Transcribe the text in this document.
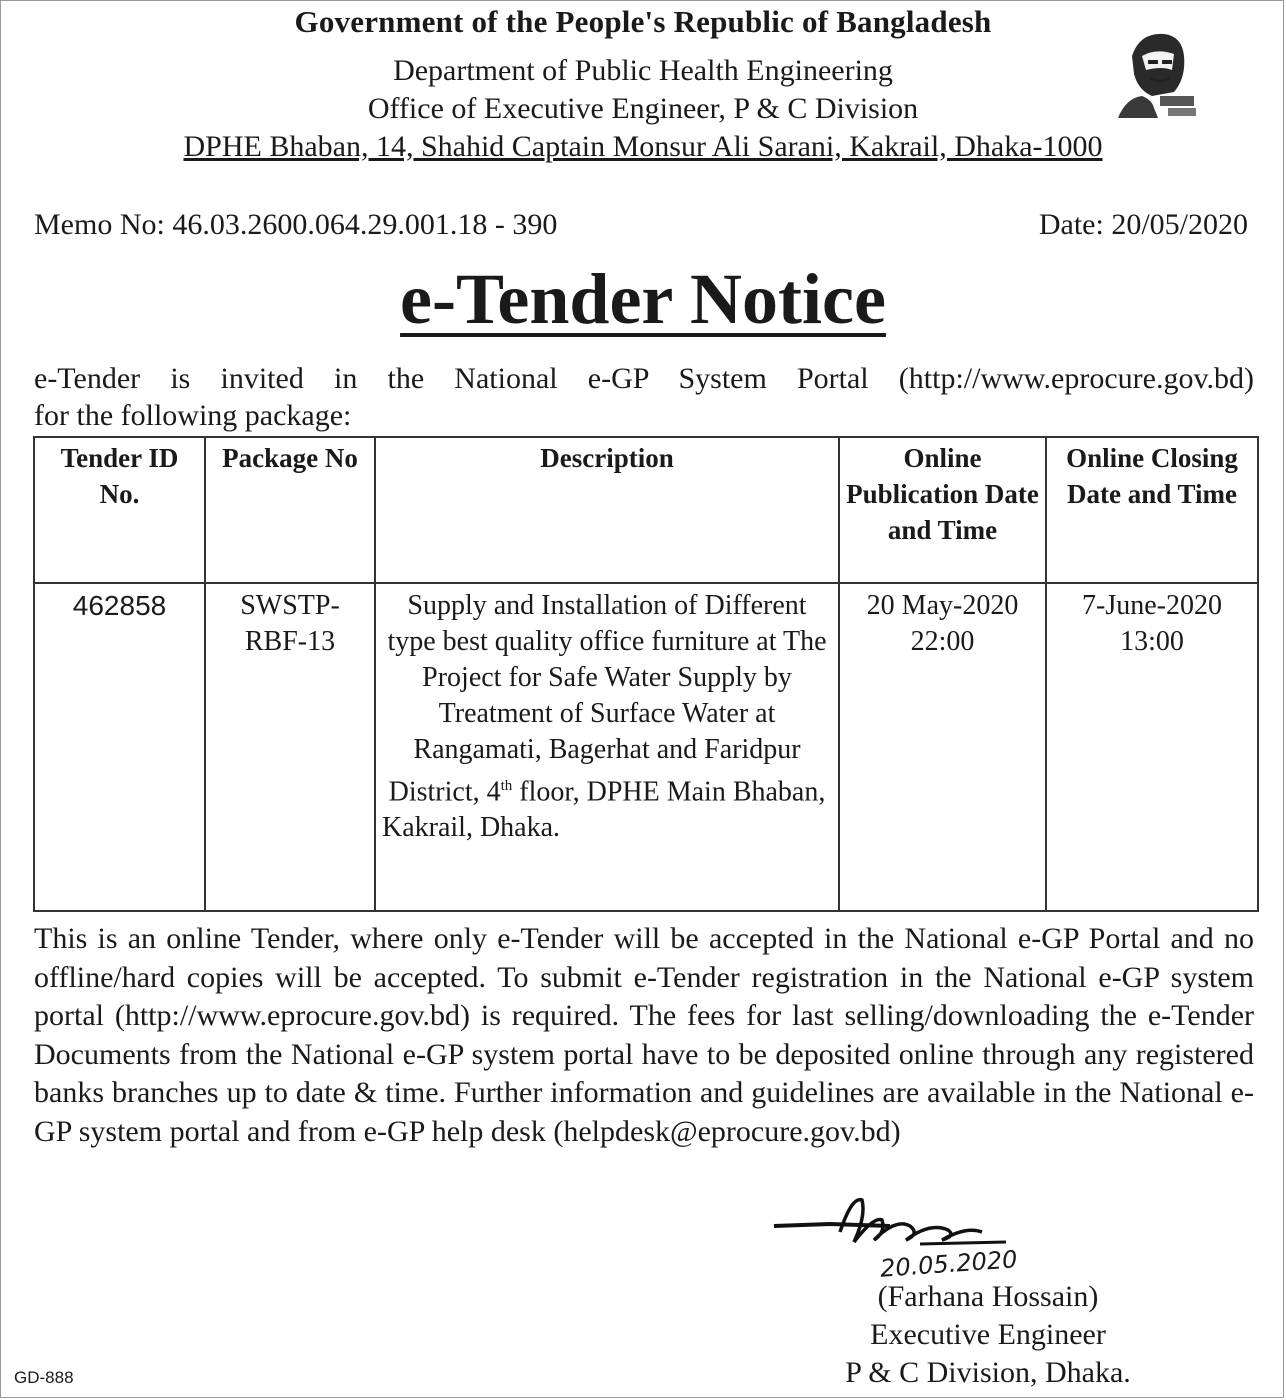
Government of the People's Republic of Bangladesh
Department of Public Health Engineering
Office of Executive Engineer, P & C Division
DPHE Bhaban, 14, Shahid Captain Monsur Ali Sarani, Kakrail, Dhaka-1000
Memo No: 46.03.2600.064.29.001.18 - 390	Date: 20/05/2020
e-Tender Notice
e-Tender is invited in the National e-GP System Portal (http://www.eprocure.gov.bd)
for the following package:
Tender ID No.	Package No	Description	Online Publication Date and Time	Online Closing Date and Time
462858	SWSTP-RBF-13	Supply and Installation of Different type best quality office furniture at The Project for Safe Water Supply by Treatment of Surface Water at Rangamati, Bagerhat and Faridpur District, 4th floor, DPHE Main Bhaban, Kakrail, Dhaka.	20 May-2020 22:00	7-June-2020 13:00
This is an online Tender, where only e-Tender will be accepted in the National e-GP Portal and no offline/hard copies will be accepted. To submit e-Tender registration in the National e-GP system portal (http://www.eprocure.gov.bd) is required. The fees for last selling/downloading the e-Tender Documents from the National e-GP system portal have to be deposited online through any registered banks branches up to date & time. Further information and guidelines are available in the National e-GP system portal and from e-GP help desk (helpdesk@eprocure.gov.bd)
20.05.2020
(Farhana Hossain)
Executive Engineer
P & C Division, Dhaka.
GD-888
